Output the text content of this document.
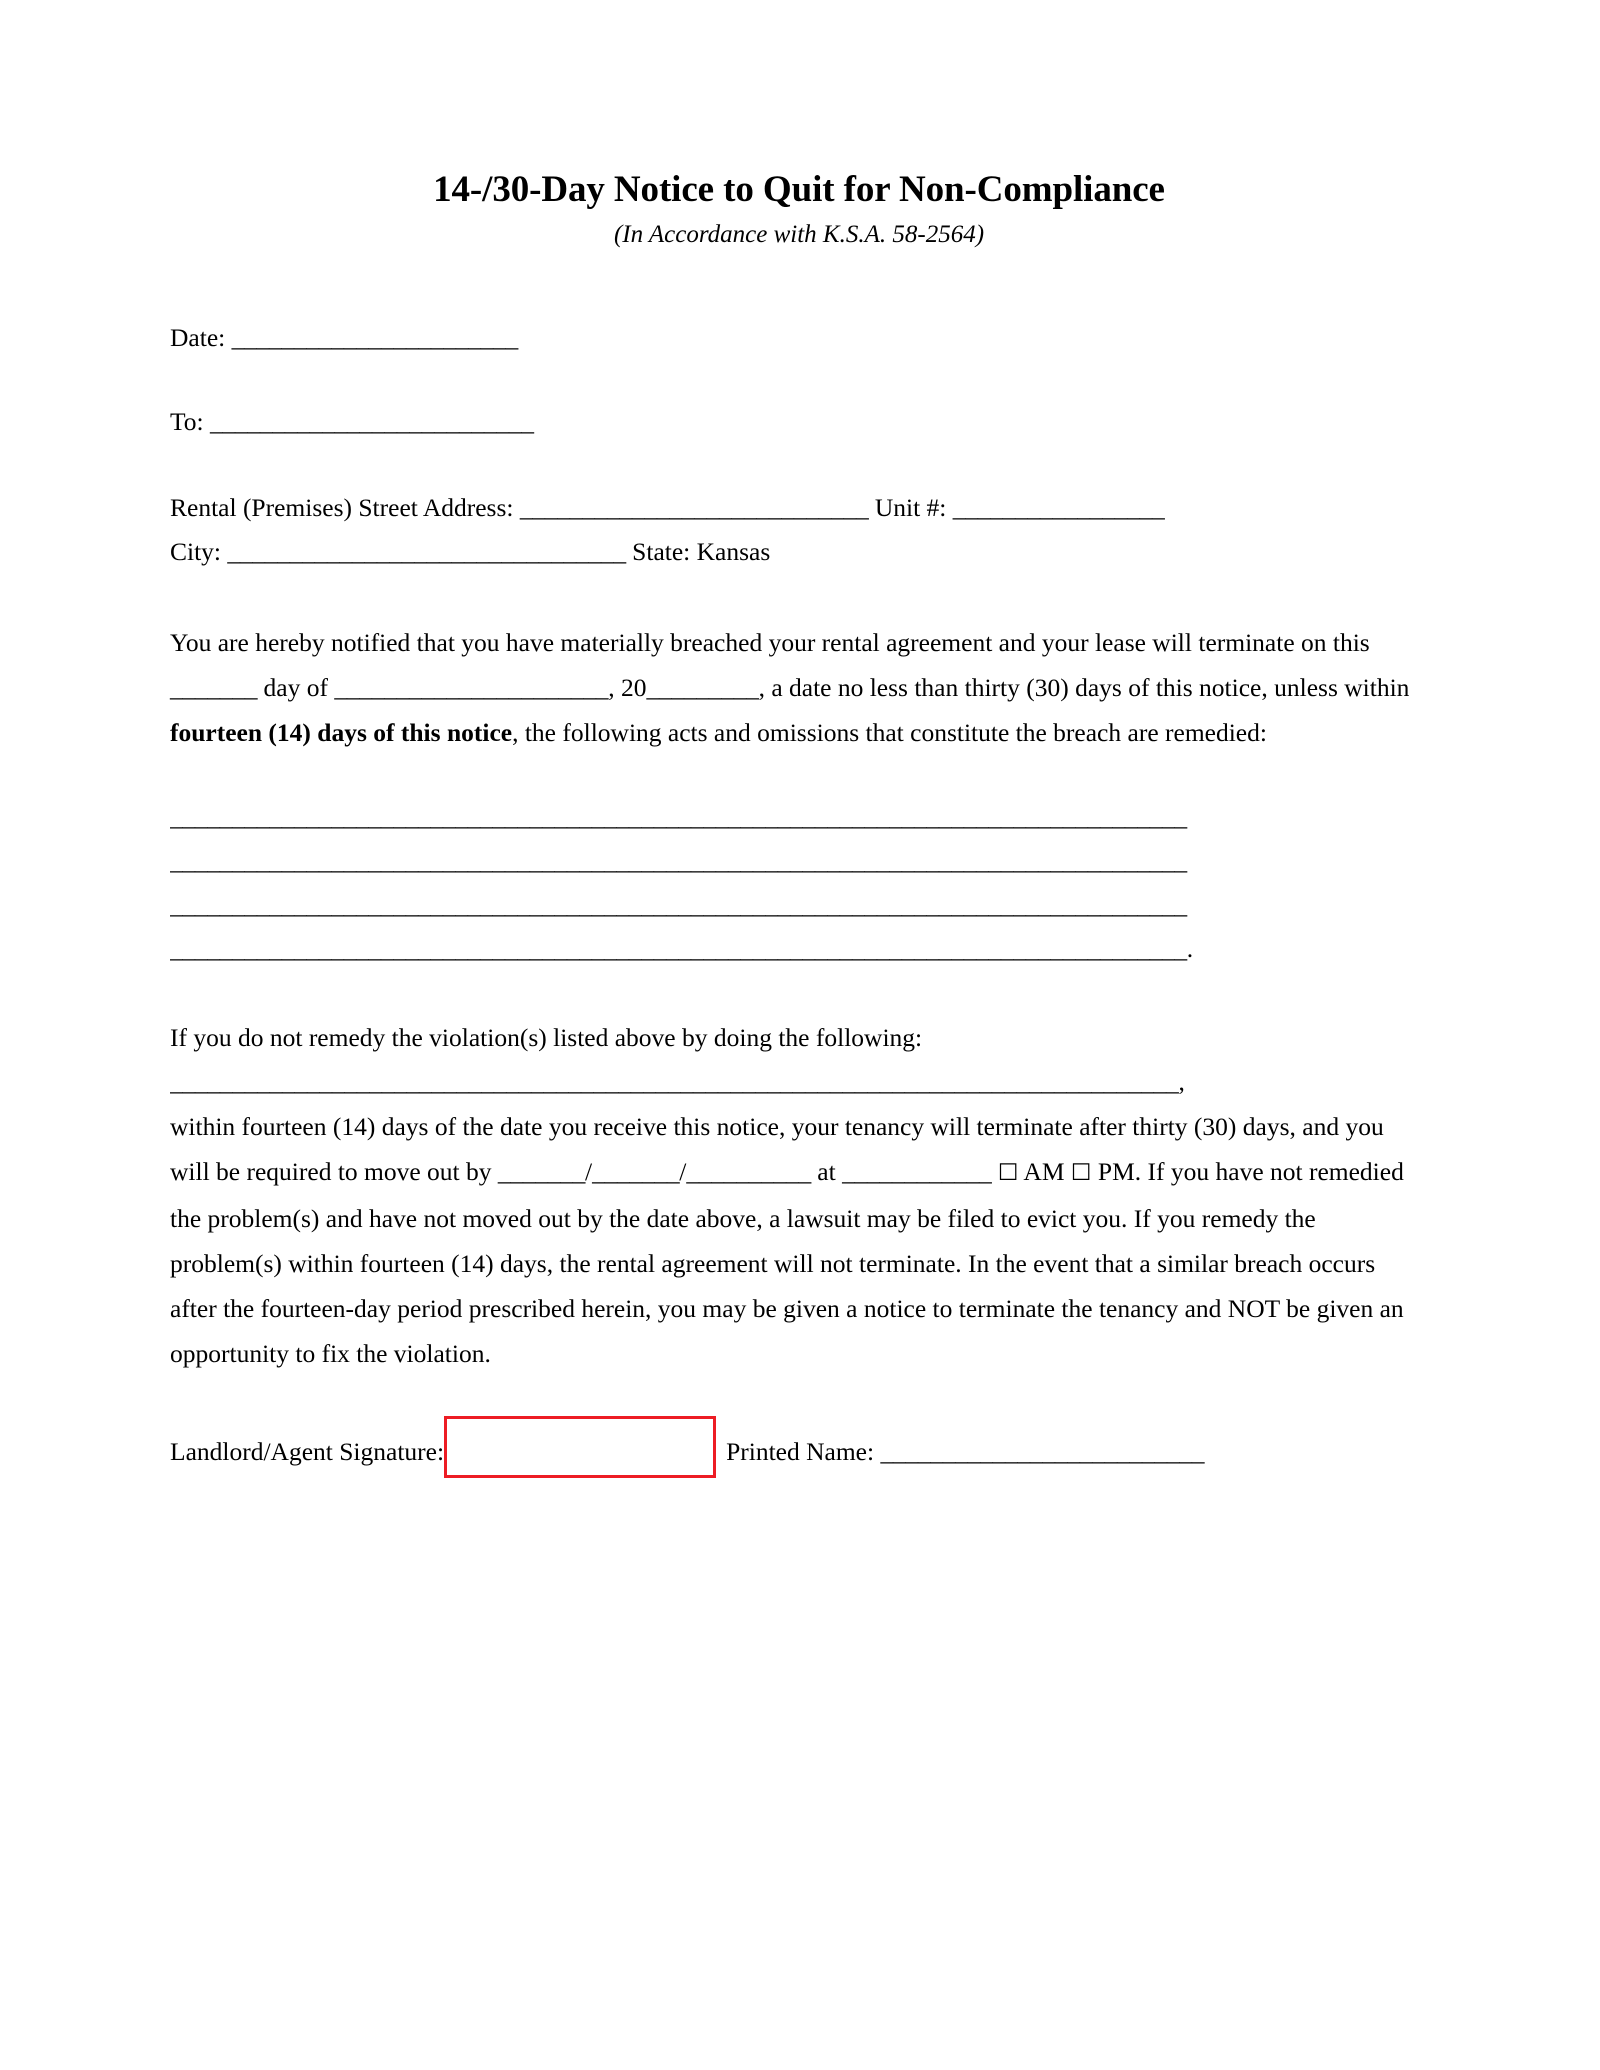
14-/30-Day Notice to Quit for Non-Compliance

(In Accordance with K.S.A. 58-2564)

Date: _______________________
To: __________________________
Rental (Premises) Street Address: ____________________________ Unit #: _________________
City: ________________________________ State: Kansas

You are hereby notified that you have materially breached your rental agreement and your lease will terminate on this _______ day of ______________________, 20_________, a date no less than thirty (30) days of this notice, unless within fourteen (14) days of this notice, the following acts and omissions that constitute the breach are remedied:

__________________________________________________________________________________
__________________________________________________________________________________
__________________________________________________________________________________
__________________________________________________________________________________.

If you do not remedy the violation(s) listed above by doing the following:

_________________________________________________________________________________,

within fourteen (14) days of the date you receive this notice, your tenancy will terminate after thirty (30) days, and you will be required to move out by _______/_______/__________ at ____________ ☐ AM ☐ PM. If you have not remedied the problem(s) and have not moved out by the date above, a lawsuit may be filed to evict you. If you remedy the problem(s) within fourteen (14) days, the rental agreement will not terminate. In the event that a similar breach occurs after the fourteen-day period prescribed herein, you may be given a notice to terminate the tenancy and NOT be given an opportunity to fix the violation.

Landlord/Agent Signature:	Printed Name: __________________________
